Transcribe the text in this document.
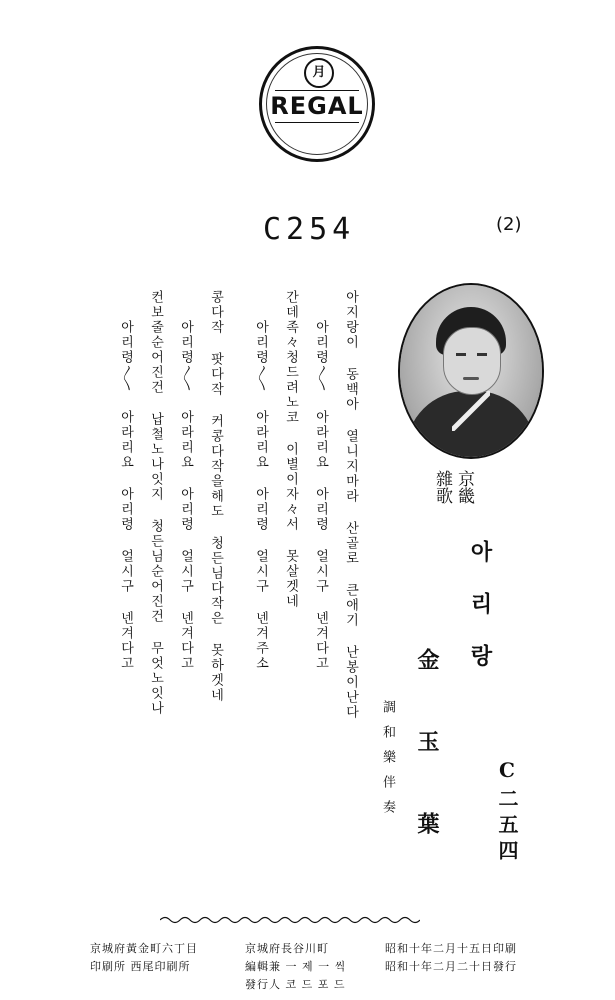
月
REGAL
C254	(2)
아지랑이 동백아 열니지마라 산골로 큰애기 난봉이난다
아리령〳〵 아라리요 아리령 얼시구 넨겨다고
간데족々청드려노코 이별이자々서 못살겟네
아리령〳〵 아라리요 아리령 얼시구 넨겨주소
콩다작 팟다작 커콩다작을해도 청든님다작은 못하겟네
아리령〳〵 아라리요 아리령 얼시구 넨겨다고
컨보줄순어진건 납철노나잇지 청든님순어진건 무엇노잇나
아리령〳〵 아라리요 아리령 얼시구 넨겨다고	京畿
雜歌
아리랑
金玉葉
調和樂伴奏	C二五四
昭和十年二月十五日印刷
昭和十年二月二十日發行
京城府長谷川町
編輯兼 一 제 一 씩
發行人 코 드 포 드
京城府黃金町六丁目
印刷所 西尾印刷所
